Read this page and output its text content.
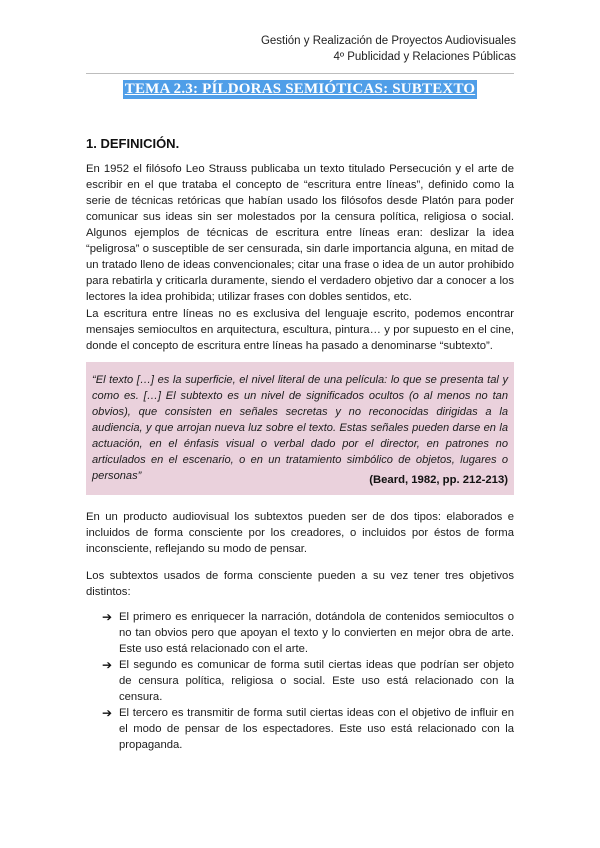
Gestión y Realización de Proyectos Audiovisuales
4º Publicidad y Relaciones Públicas
TEMA 2.3: PÍLDORAS SEMIÓTICAS: SUBTEXTO
1. DEFINICIÓN.
En 1952 el filósofo Leo Strauss publicaba un texto titulado Persecución y el arte de escribir en el que trataba el concepto de “escritura entre líneas”, definido como la serie de técnicas retóricas que habían usado los filósofos desde Platón para poder comunicar sus ideas sin ser molestados por la censura política, religiosa o social. Algunos ejemplos de técnicas de escritura entre líneas eran: deslizar la idea “peligrosa” o susceptible de ser censurada, sin darle importancia alguna, en mitad de un tratado lleno de ideas convencionales; citar una frase o idea de un autor prohibido para rebatirla y criticarla duramente, siendo el verdadero objetivo dar a conocer a los lectores la idea prohibida; utilizar frases con dobles sentidos, etc.
La escritura entre líneas no es exclusiva del lenguaje escrito, podemos encontrar mensajes semiocultos en arquitectura, escultura, pintura… y por supuesto en el cine, donde el concepto de escritura entre líneas ha pasado a denominarse “subtexto”.
“El texto […] es la superficie, el nivel literal de una película: lo que se presenta tal y como es. […] El subtexto es un nivel de significados ocultos (o al menos no tan obvios), que consisten en señales secretas y no reconocidas dirigidas a la audiencia, y que arrojan nueva luz sobre el texto. Estas señales pueden darse en la actuación, en el énfasis visual o verbal dado por el director, en patrones no articulados en el escenario, o en un tratamiento simbólico de objetos, lugares o personas”	(Beard, 1982, pp. 212-213)
En un producto audiovisual los subtextos pueden ser de dos tipos: elaborados e incluidos de forma consciente por los creadores, o incluidos por éstos de forma inconsciente, reflejando su modo de pensar.
Los subtextos usados de forma consciente pueden a su vez tener tres objetivos distintos:
➔ El primero es enriquecer la narración, dotándola de contenidos semiocultos o no tan obvios pero que apoyan el texto y lo convierten en mejor obra de arte. Este uso está relacionado con el arte.
➔ El segundo es comunicar de forma sutil ciertas ideas que podrían ser objeto de censura política, religiosa o social. Este uso está relacionado con la censura.
➔ El tercero es transmitir de forma sutil ciertas ideas con el objetivo de influir en el modo de pensar de los espectadores. Este uso está relacionado con la propaganda.
